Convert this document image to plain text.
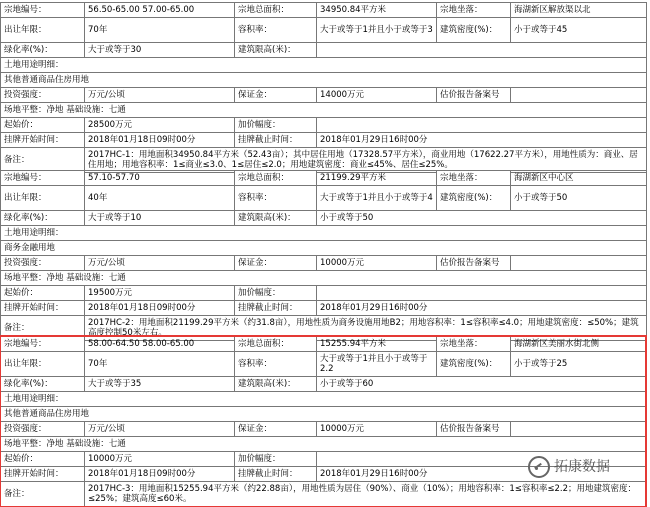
宗地编号：	56.50-65.00 57.00-65.00	宗地总面积：	34950.84平方米	宗地坐落：	海湖新区解放渠以北
出让年限：	70年	容积率：	大于或等于1并且小于或等于3	建筑密度(%)：	小于或等于45
绿化率(%)：	大于或等于30	建筑限高(米)：			
土地用途明细：					
其他普通商品住房用地					
投资强度：	万元/公顷	保证金：	14000万元	估价报告备案号	
场地平整：净地 基础设施：七通					
起始价：	28500万元	加价幅度：			
挂牌开始时间：	2018年01月18日09时00分	挂牌截止时间：	2018年01月29日16时00分		
备注：	2017HC-1：用地面积34950.84平方米（52.43亩）；其中居住用地（17328.57平方米），商业用地（17622.27平方米），用地性质为：商业、居住用地；用地容积率：1≤商业≤3.0、1≤居住≤2.0；用地建筑密度：商业≤45%、居住≤25%。				
宗地编号：	57.10-57.70	宗地总面积：	21199.29平方米	宗地坐落：	海湖新区中心区
出让年限：	40年	容积率：	大于或等于1并且小于或等于4	建筑密度(%)：	小于或等于50
绿化率(%)：	大于或等于10	建筑限高(米)：	小于或等于50		
土地用途明细：					
商务金融用地					
投资强度：	万元/公顷	保证金：	10000万元	估价报告备案号	
场地平整：净地 基础设施：七通					
起始价：	19500万元	加价幅度：			
挂牌开始时间：	2018年01月18日09时00分	挂牌截止时间：	2018年01月29日16时00分		
备注：	2017HC-2：用地面积21199.29平方米（约31.8亩），用地性质为商务设施用地B2；用地容积率：1≤容积率≤4.0；用地建筑密度：≤50%；建筑高度控制50米左右。				
宗地编号：	58.00-64.50 58.00-65.00	宗地总面积：	15255.94平方米	宗地坐落：	海湖新区美丽水街北侧
出让年限：	70年	容积率：	大于或等于1并且小于或等于2.2	建筑密度(%)：	小于或等于25
绿化率(%)：	大于或等于35	建筑限高(米)：	小于或等于60		
土地用途明细：					
其他普通商品住房用地					
投资强度：	万元/公顷	保证金：	10000万元	估价报告备案号	
场地平整：净地 基础设施：七通					
起始价：	10000万元	加价幅度：			
挂牌开始时间：	2018年01月18日09时00分	挂牌截止时间：	2018年01月29日16时00分		
备注：	2017HC-3：用地面积15255.94平方米（约22.88亩），用地性质为居住（90%）、商业（10%）；用地容积率：1≤容积率≤2.2；用地建筑密度：≤25%；建筑高度≤60米。				
拓康数据
